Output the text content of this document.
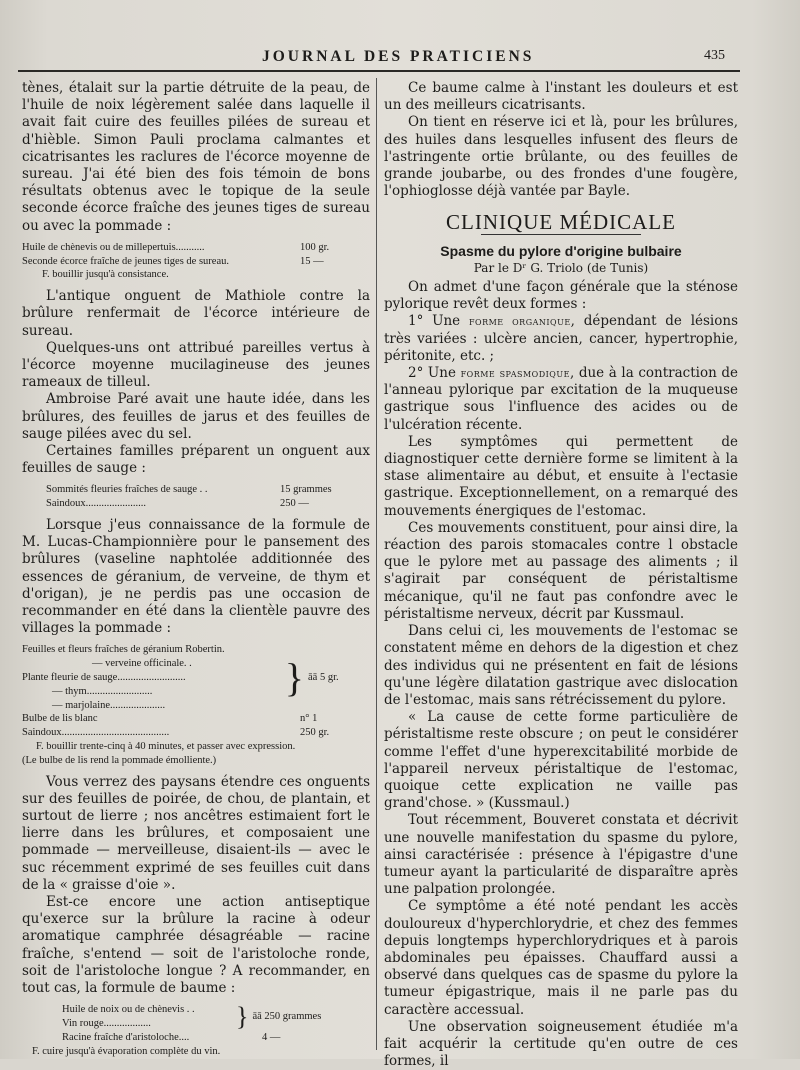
JOURNAL DES PRATICIENS	435

tènes, étalait sur la partie détruite de la peau, de l'huile de noix légèrement salée dans laquelle il avait fait cuire des feuilles pilées de sureau et d'hièble. Simon Pauli proclama calmantes et cicatrisantes les raclures de l'écorce moyenne de sureau. J'ai été bien des fois témoin de bons résultats obtenus avec le topique de la seule seconde écorce fraîche des jeunes tiges de sureau ou avec la pommade :

Huile de chènevis ou de millepertuis...........	100 gr.
Seconde écorce fraîche de jeunes tiges de sureau.	15 —
F. bouillir jusqu'à consistance.

L'antique onguent de Mathiole contre la brûlure renfermait de l'écorce intérieure de sureau.

Quelques-uns ont attribué pareilles vertus à l'écorce moyenne mucilagineuse des jeunes rameaux de tilleul.

Ambroise Paré avait une haute idée, dans les brûlures, des feuilles de jarus et des feuilles de sauge pilées avec du sel.

Certaines familles préparent un onguent aux feuilles de sauge :

Sommités fleuries fraîches de sauge . .	15 grammes
Saindoux.......................	250 —

Lorsque j'eus connaissance de la formule de M. Lucas-Championnière pour le pansement des brûlures (vaseline naphtolée additionnée des essences de géranium, de verveine, de thym et d'origan), je ne perdis pas une occasion de recommander en été dans la clientèle pauvre des villages la pommade :

Feuilles et fleurs fraîches de géranium Robertin.
— verveine officinale. .
Plante fleurie de sauge..........................
— thym.........................
— marjolaine.....................
} āā 5 gr.
Bulbe de lis blanc	n° 1
Saindoux.........................................	250 gr.
F. bouillir trente-cinq à 40 minutes, et passer avec expression.
(Le bulbe de lis rend la pommade émolliente.)

Vous verrez des paysans étendre ces onguents sur des feuilles de poirée, de chou, de plantain, et surtout de lierre ; nos ancêtres estimaient fort le lierre dans les brûlures, et composaient une pommade — merveilleuse, disaient-ils — avec le suc récemment exprimé de ses feuilles cuit dans de la « graisse d'oie ».

Est-ce encore une action antiseptique qu'exerce sur la brûlure la racine à odeur aromatique camphrée désagréable — racine fraîche, s'entend — soit de l'aristoloche ronde, soit de l'aristoloche longue ? A recommander, en tout cas, la formule de baume :

Huile de noix ou de chènevis . .
Vin rouge..................	} āā 250 grammes
Racine fraîche d'aristoloche....	4 —
F. cuire jusqu'à évaporation complète du vin.

Ce baume calme à l'instant les douleurs et est un des meilleurs cicatrisants.

On tient en réserve ici et là, pour les brûlures, des huiles dans lesquelles infusent des fleurs de l'astringente ortie brûlante, ou des feuilles de grande joubarbe, ou des frondes d'une fougère, l'ophioglosse déjà vantée par Bayle.

CLINIQUE MÉDICALE
Spasme du pylore d'origine bulbaire
Par le Dʳ G. Triolo (de Tunis)

On admet d'une façon générale que la sténose pylorique revêt deux formes :

1° Une forme organique, dépendant de lésions très variées : ulcère ancien, cancer, hypertrophie, péritonite, etc. ;

2° Une forme spasmodique, due à la contraction de l'anneau pylorique par excitation de la muqueuse gastrique sous l'influence des acides ou de l'ulcération récente.

Les symptômes qui permettent de diagnostiquer cette dernière forme se limitent à la stase alimentaire au début, et ensuite à l'ectasie gastrique. Exceptionnellement, on a remarqué des mouvements énergiques de l'estomac.

Ces mouvements constituent, pour ainsi dire, la réaction des parois stomacales contre l obstacle que le pylore met au passage des aliments ; il s'agirait par conséquent de péristaltisme mécanique, qu'il ne faut pas confondre avec le péristaltisme nerveux, décrit par Kussmaul.

Dans celui ci, les mouvements de l'estomac se constatent même en dehors de la digestion et chez des individus qui ne présentent en fait de lésions qu'une légère dilatation gastrique avec dislocation de l'estomac, mais sans rétrécissement du pylore.

« La cause de cette forme particulière de péristaltisme reste obscure ; on peut le considérer comme l'effet d'une hyperexcitabilité morbide de l'appareil nerveux péristaltique de l'estomac, quoique cette explication ne vaille pas grand'chose. » (Kussmaul.)

Tout récemment, Bouveret constata et décrivit une nouvelle manifestation du spasme du pylore, ainsi caractérisée : présence à l'épigastre d'une tumeur ayant la particularité de disparaître après une palpation prolongée.

Ce symptôme a été noté pendant les accès douloureux d'hyperchlorydrie, et chez des femmes depuis longtemps hyperchlorydriques et à parois abdominales peu épaisses. Chauffard aussi a observé dans quelques cas de spasme du pylore la tumeur épigastrique, mais il ne parle pas du caractère accessual.

Une observation soigneusement étudiée m'a fait acquérir la certitude qu'en outre de ces formes, il
